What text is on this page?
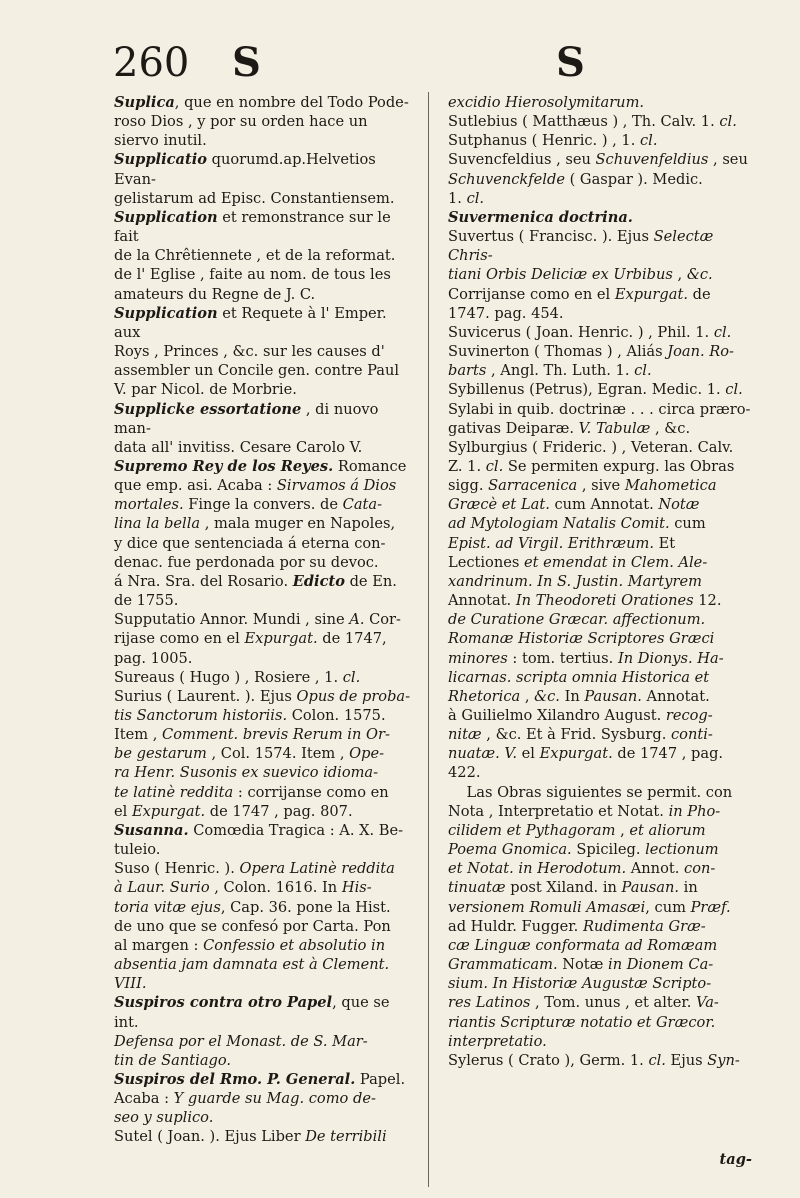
260 S	S

Suplica, que en nombre del Todo Pode-
roso Dios , y por su orden hace un
siervo inutil.

Supplicatio quorumd.ap.Helvetios Evan-
gelistarum ad Episc. Constantiensem.

Supplication et remonstrance sur le fait
de la Chrêtiennete , et de la reformat.
de l' Eglise , faite au nom. de tous les
amateurs du Regne de J. C.

Supplication et Requete à l' Emper. aux
Roys , Princes , &c. sur les causes d'
assembler un Concile gen. contre Paul
V. par Nicol. de Morbrie.

Supplicke essortatione , di nuovo man-
data all' invitiss. Cesare Carolo V.

Supremo Rey de los Reyes. Romance
que emp. asi. Acaba : Sirvamos á Dios
mortales. Finge la convers. de Cata-
lina la bella , mala muger en Napoles,
y dice que sentenciada á eterna con-
denac. fue perdonada por su devoc.
á Nra. Sra. del Rosario. Edicto de En.
de 1755.

Supputatio Annor. Mundi , sine A. Cor-
rijase como en el Expurgat. de 1747,
pag. 1005.

Sureaus ( Hugo ) , Rosiere , 1. cl.

Surius ( Laurent. ). Ejus Opus de proba-
tis Sanctorum historiis. Colon. 1575.
Item , Comment. brevis Rerum in Or-
be gestarum , Col. 1574. Item , Ope-
ra Henr. Susonis ex suevico idioma-
te latinè reddita : corrijanse como en
el Expurgat. de 1747 , pag. 807.

Susanna. Comœdia Tragica : A. X. Be-
tuleio.

Suso ( Henric. ). Opera Latinè reddita
à Laur. Surio , Colon. 1616. In His-
toria vitæ ejus, Cap. 36. pone la Hist.
de uno que se confesó por Carta. Pon
al margen : Confessio et absolutio in
absentia jam damnata est à Clement.
VIII.

Suspiros contra otro Papel, que se int.
Defensa por el Monast. de S. Mar-
tin de Santiago.

Suspiros del Rmo. P. General. Papel.
Acaba : Y guarde su Mag. como de-
seo y suplico.

Sutel ( Joan. ). Ejus Liber De terribili

excidio Hierosolymitarum.

Sutlebius ( Matthæus ) , Th. Calv. 1. cl.

Sutphanus ( Henric. ) , 1. cl.

Suvencfeldius , seu Schuvenfeldius , seu
Schuvenckfelde ( Gaspar ). Medic.
1. cl.

Suvermenica doctrina.

Suvertus ( Francisc. ). Ejus Selectæ Chris-
tiani Orbis Deliciæ ex Urbibus , &c.
Corrijanse como en el Expurgat. de
1747. pag. 454.

Suvicerus ( Joan. Henric. ) , Phil. 1. cl.

Suvinerton ( Thomas ) , Aliás Joan. Ro-
barts , Angl. Th. Luth. 1. cl.

Sybillenus (Petrus), Egran. Medic. 1. cl.

Sylabi in quib. doctrinæ . . . circa præro-
gativas Deiparæ. V. Tabulæ , &c.

Sylburgius ( Frideric. ) , Veteran. Calv.
Z. 1. cl. Se permiten expurg. las Obras
sigg. Sarracenica , sive Mahometica
Græcè et Lat. cum Annotat. Notæ
ad Mytologiam Natalis Comit. cum
Epist. ad Virgil. Erithræum. Et
Lectiones et emendat in Clem. Ale-
xandrinum. In S. Justin. Martyrem
Annotat. In Theodoreti Orationes 12.
de Curatione Græcar. affectionum.
Romanæ Historiæ Scriptores Græci
minores : tom. tertius. In Dionys. Ha-
licarnas. scripta omnia Historica et
Rhetorica , &c. In Pausan. Annotat.
à Guilielmo Xilandro August. recog-
nitæ , &c. Et à Frid. Sysburg. conti-
nuatæ. V. el Expurgat. de 1747 , pag.
422.

Las Obras siguientes se permit. con
Nota , Interpretatio et Notat. in Pho-
cilidem et Pythagoram , et aliorum
Poema Gnomica. Spicileg. lectionum
et Notat. in Herodotum. Annot. con-
tinuatæ post Xiland. in Pausan. in
versionem Romuli Amasæi, cum Præf.
ad Huldr. Fugger. Rudimenta Græ-
cæ Linguæ conformata ad Romæam
Grammaticam. Notæ in Dionem Ca-
sium. In Historiæ Augustæ Scripto-
res Latinos , Tom. unus , et alter. Va-
riantis Scripturæ notatio et Græcor.
interpretatio.

Sylerus ( Crato ), Germ. 1. cl. Ejus Syn-

tag-
